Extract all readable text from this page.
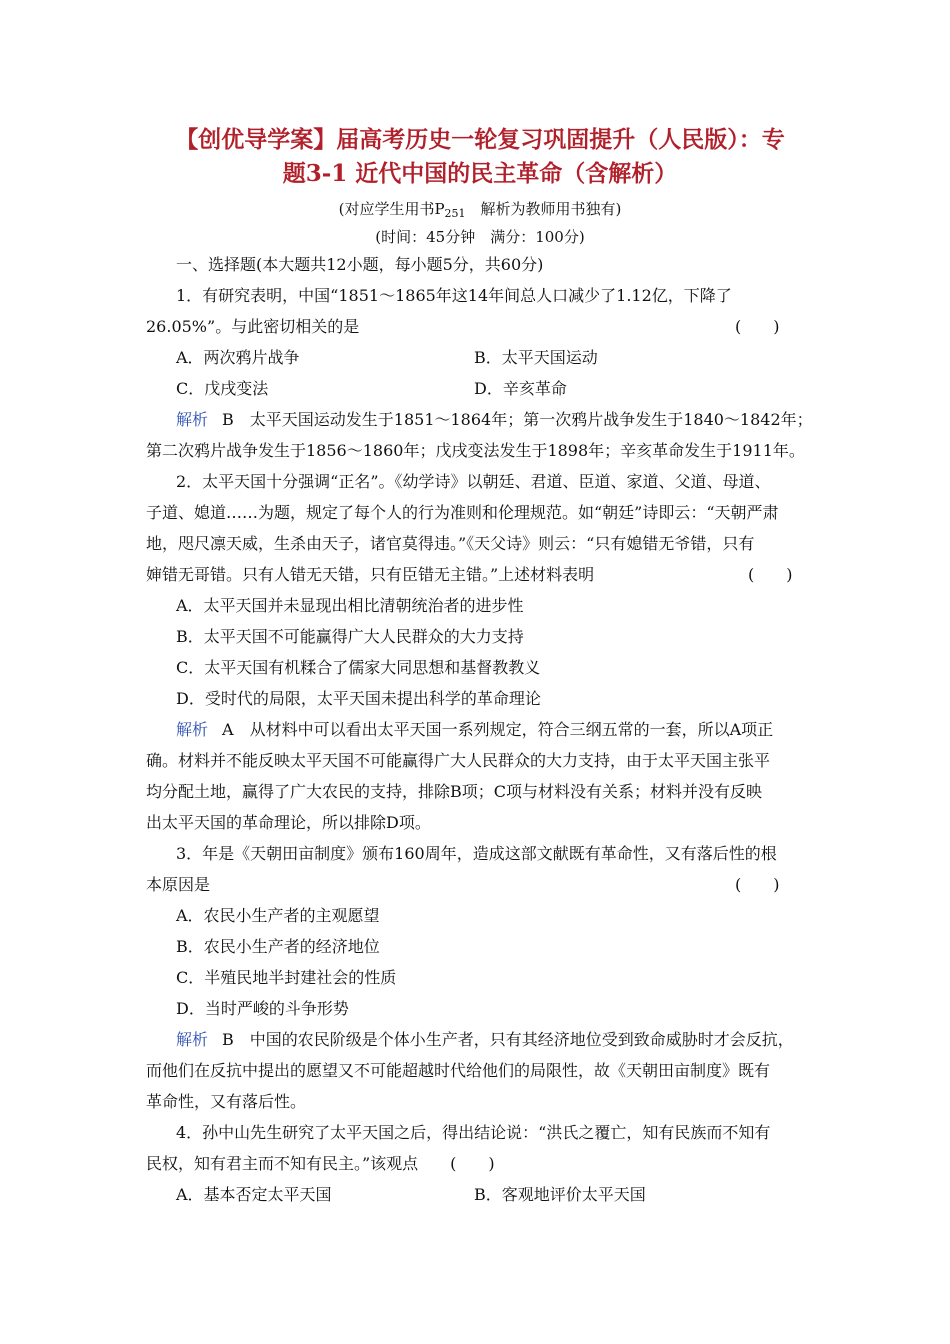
【创优导学案】届高考历史一轮复习巩固提升（人民版）：专
题3-1 近代中国的民主革命（含解析）
(对应学生用书$P_{251}$　解析为教师用书独有)
(时间：45分钟　满分：100分)
一、选择题(本大题共12小题，每小题5分，共60分)
1．有研究表明，中国“1851～1865年这14年间总人口减少了1.12亿，下降了
26.05%”。与此密切相关的是	(　　)
A．两次鸦片战争	B．太平天国运动
C．戊戌变法	D．辛亥革命
解析 B　太平天国运动发生于1851～1864年；第一次鸦片战争发生于1840～1842年；
第二次鸦片战争发生于1856～1860年；戊戌变法发生于1898年；辛亥革命发生于1911年。
2．太平天国十分强调“正名”。《幼学诗》以朝廷、君道、臣道、家道、父道、母道、
子道、媳道……为题，规定了每个人的行为准则和伦理规范。如“朝廷”诗即云：“天朝严肃
地，咫尺凛天威，生杀由天子，诸官莫得违。”《天父诗》则云：“只有媳错无爷错，只有
婶错无哥错。只有人错无天错，只有臣错无主错。”上述材料表明	(　　)
A．太平天国并未显现出相比清朝统治者的进步性
B．太平天国不可能赢得广大人民群众的大力支持
C．太平天国有机糅合了儒家大同思想和基督教教义
D．受时代的局限，太平天国未提出科学的革命理论
解析 A　从材料中可以看出太平天国一系列规定，符合三纲五常的一套，所以A项正
确。材料并不能反映太平天国不可能赢得广大人民群众的大力支持，由于太平天国主张平
均分配土地，赢得了广大农民的支持，排除B项；C项与材料没有关系；材料并没有反映
出太平天国的革命理论，所以排除D项。
3．年是《天朝田亩制度》颁布160周年，造成这部文献既有革命性，又有落后性的根
本原因是	(　　)
A．农民小生产者的主观愿望
B．农民小生产者的经济地位
C．半殖民地半封建社会的性质
D．当时严峻的斗争形势
解析 B　中国的农民阶级是个体小生产者，只有其经济地位受到致命威胁时才会反抗，
而他们在反抗中提出的愿望又不可能超越时代给他们的局限性，故《天朝田亩制度》既有
革命性，又有落后性。
4．孙中山先生研究了太平天国之后，得出结论说：“洪氏之覆亡，知有民族而不知有
民权，知有君主而不知有民主。”该观点　　(　　)
A．基本否定太平天国	B．客观地评价太平天国
